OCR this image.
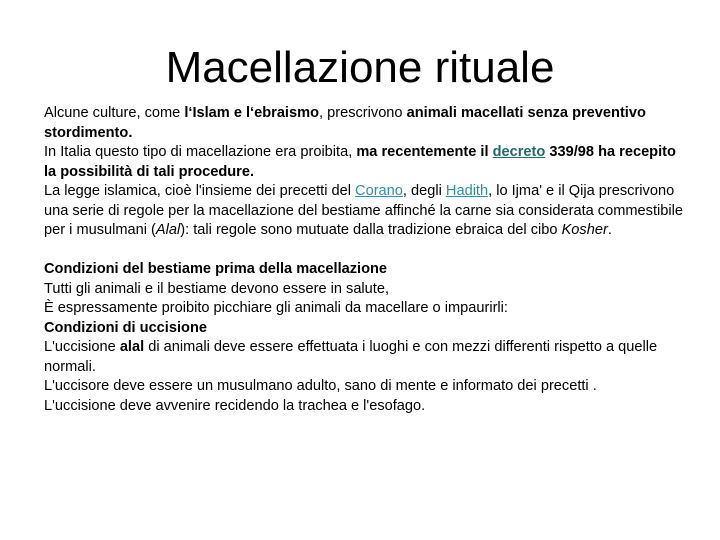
Macellazione rituale

Alcune culture, come l‘Islam e l‘ebraismo, prescrivono animali macellati senza preventivo stordimento.

In Italia questo tipo di macellazione era proibita, ma recentemente il decreto 339/98 ha recepito la possibilità di tali procedure.

La legge islamica, cioè l'insieme dei precetti del Corano, degli Hadith, lo Ijma' e il Qija prescrivono una serie di regole per la macellazione del bestiame affinché la carne sia considerata commestibile per i musulmani (Alal): tali regole sono mutuate dalla tradizione ebraica del cibo Kosher.

Condizioni del bestiame prima della macellazione

Tutti gli animali e il bestiame devono essere in salute,

È espressamente proibito picchiare gli animali da macellare o impaurirli:

Condizioni di uccisione

L'uccisione alal di animali deve essere effettuata i luoghi e con mezzi differenti rispetto a quelle normali.

L'uccisore deve essere un musulmano adulto, sano di mente e informato dei precetti .

L'uccisione deve avvenire recidendo la trachea e l'esofago.
